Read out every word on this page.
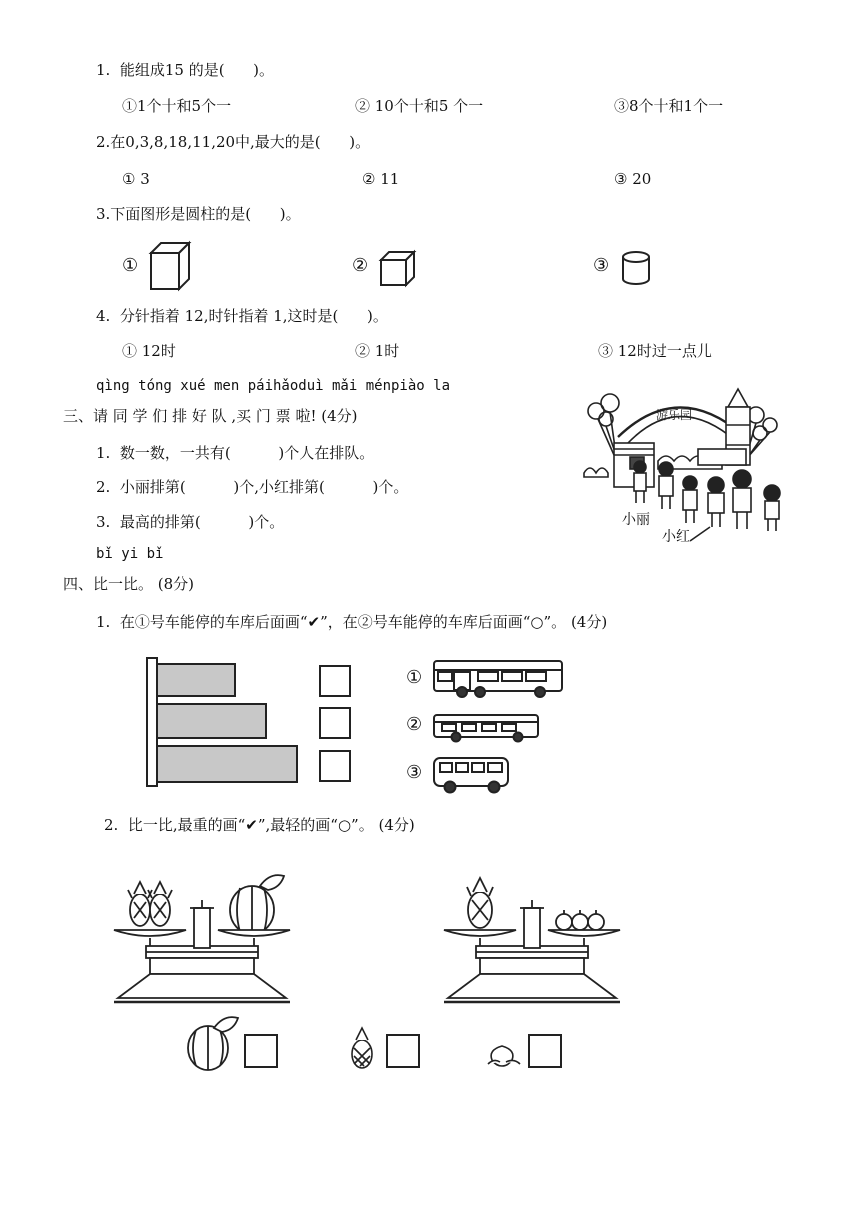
1.  能组成15 的是(      )。
①1个十和5个一	② 10个十和5 个一	③8个十和1个一
2.在0,3,8,18,11,20中,最大的是(      )。
① 3	② 11	③ 20
3.下面图形是圆柱的是(      )。
①	②	③
4.  分针指着 12,时针指着 1,这时是(      )。
① 12时	② 1时	③ 12时过一点儿
qìng tóng xué men páihǎoduì mǎi ménpiào la
三、请 同 学 们 排 好 队 ,买 门 票 啦! (4分)
1.  数一数，一共有(          )个人在排队。
2.  小丽排第(          )个,小红排第(          )个。
3.  最高的排第(          )个。
游乐园
小丽
小红
bǐ yi bǐ
四、比一比。 (8分)
1.  在①号车能停的车库后面画“✔”，在②号车能停的车库后面画“○”。 (4分)
①
②
③
2.  比一比,最重的画“✔”,最轻的画“○”。 (4分)
